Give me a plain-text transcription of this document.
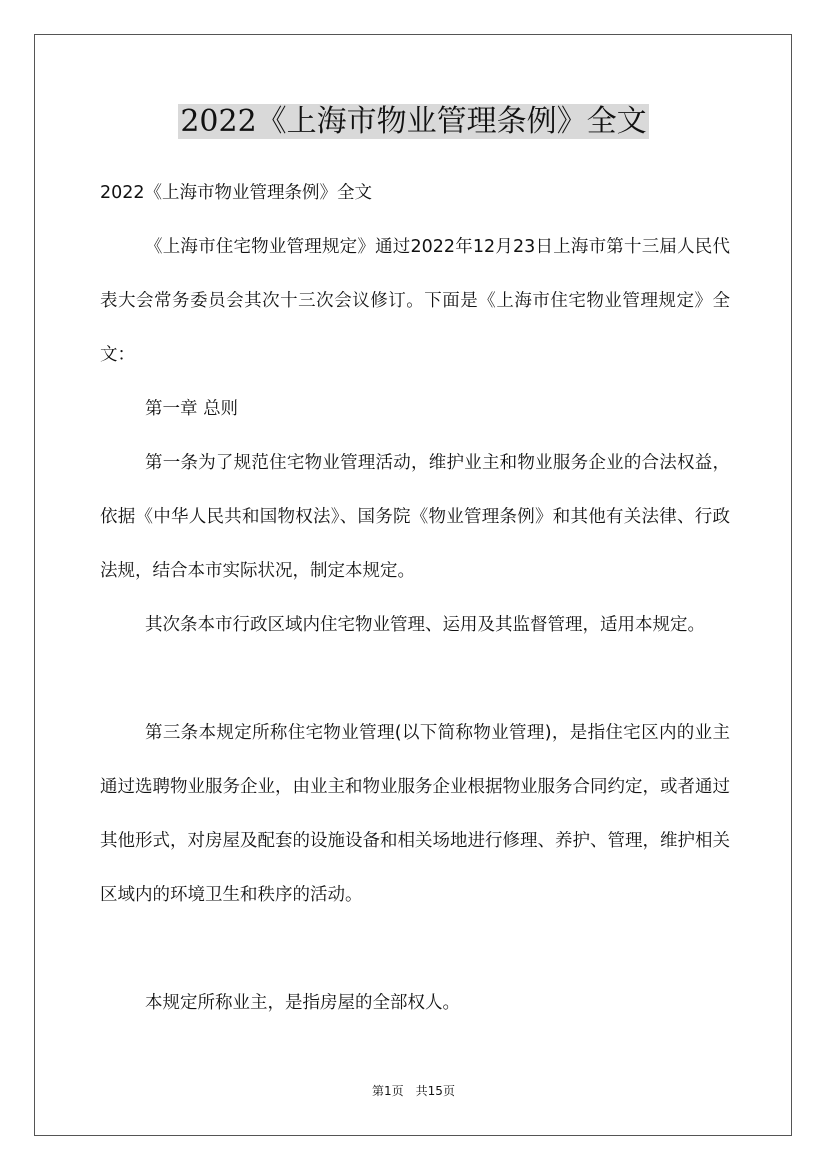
2022《上海市物业管理条例》全文

2022《上海市物业管理条例》全文

《上海市住宅物业管理规定》通过2022年12月23日上海市第十三届人民代表大会常务委员会其次十三次会议修订。下面是《上海市住宅物业管理规定》全文：

第一章 总则

第一条为了规范住宅物业管理活动，维护业主和物业服务企业的合法权益，依据《中华人民共和国物权法》、国务院《物业管理条例》和其他有关法律、行政法规，结合本市实际状况，制定本规定。

其次条本市行政区域内住宅物业管理、运用及其监督管理，适用本规定。

第三条本规定所称住宅物业管理(以下简称物业管理)，是指住宅区内的业主通过选聘物业服务企业，由业主和物业服务企业根据物业服务合同约定，或者通过其他形式，对房屋及配套的设施设备和相关场地进行修理、养护、管理，维护相关区域内的环境卫生和秩序的活动。

本规定所称业主，是指房屋的全部权人。

第1页 共15页
